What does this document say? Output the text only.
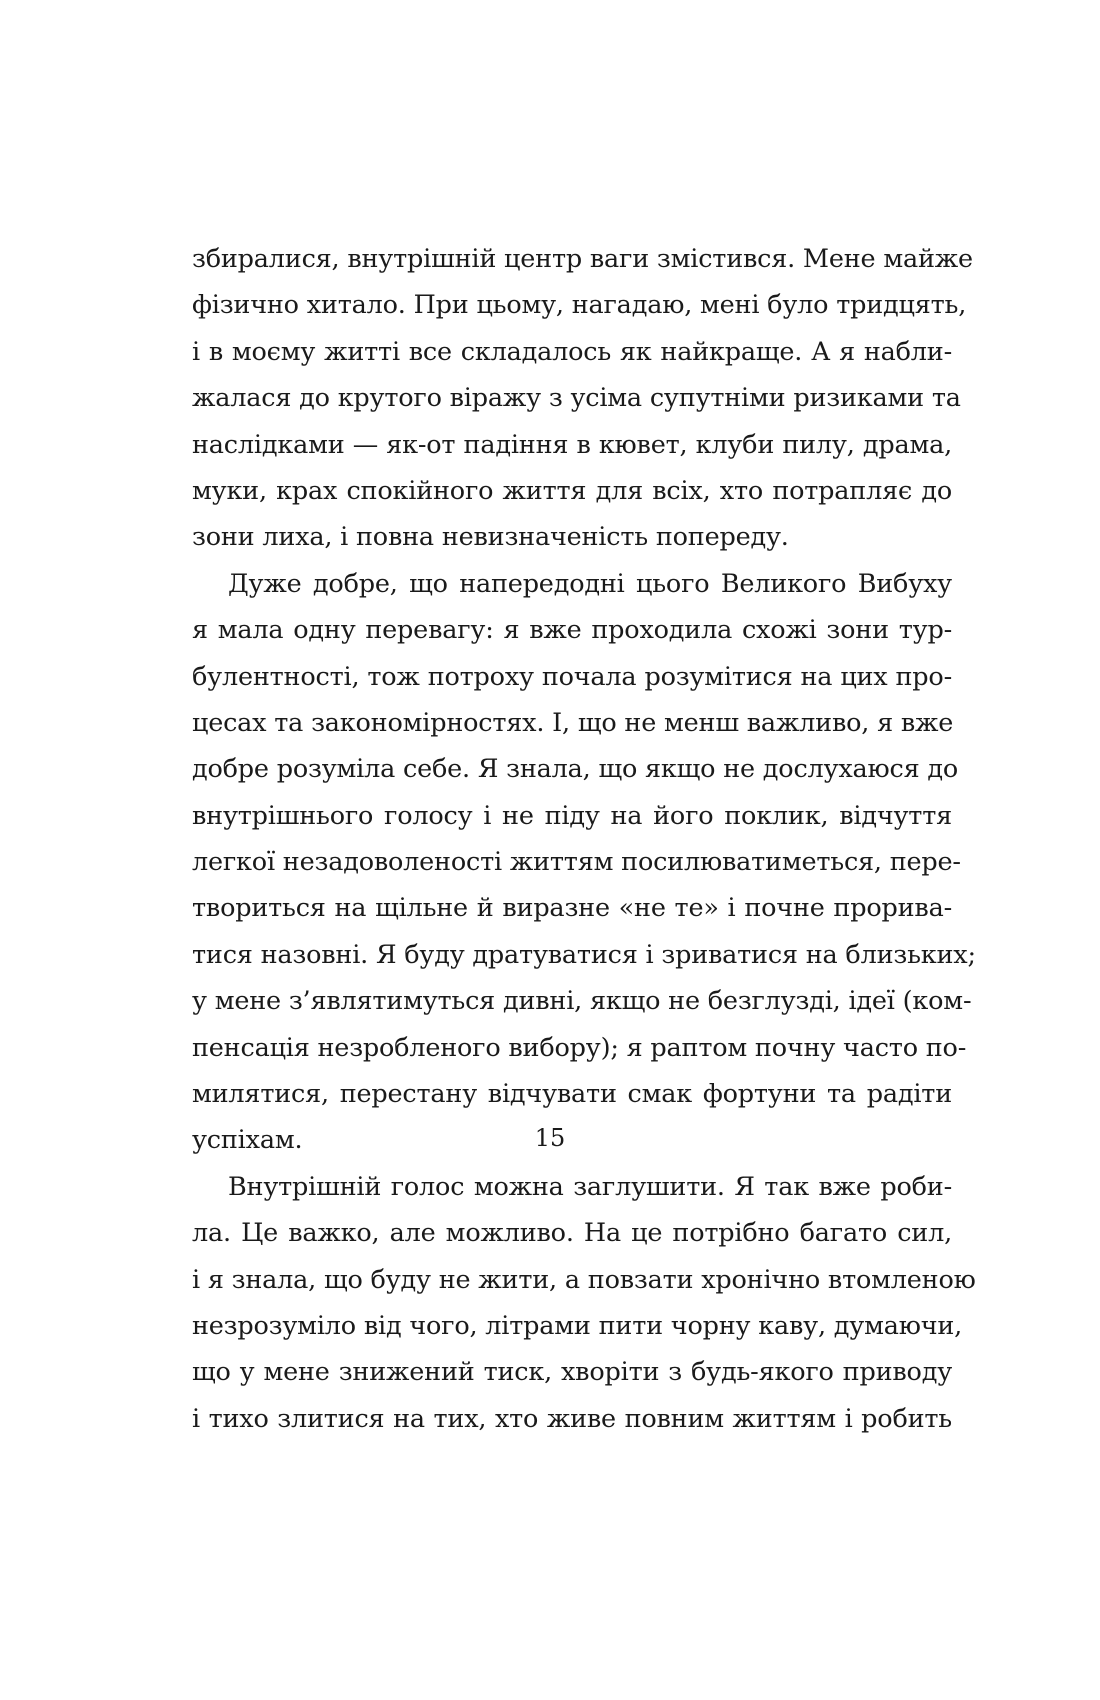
збиралися, внутрішній центр ваги змістився. Мене майже
фізично хитало. При цьому, нагадаю, мені було тридцять,
і в моєму житті все складалось як найкраще. А я набли-
жалася до крутого віражу з усіма супутніми ризиками та
наслідками — як-от падіння в кювет, клуби пилу, драма,
муки, крах спокійного життя для всіх, хто потрапляє до
зони лиха, і повна невизначеність попереду.
Дуже добре, що напередодні цього Великого Вибуху
я мала одну перевагу: я вже проходила схожі зони тур-
булентності, тож потроху почала розумітися на цих про-
цесах та закономірностях. І, що не менш важливо, я вже
добре розуміла себе. Я знала, що якщо не дослухаюся до
внутрішнього голосу і не піду на його поклик, відчуття
легкої незадоволеності життям посилюватиметься, пере-
твориться на щільне й виразне «не те» і почне прорива-
тися назовні. Я буду дратуватися і зриватися на близьких;
у мене з’являтимуться дивні, якщо не безглузді, ідеї (ком-
пенсація незробленого вибору); я раптом почну часто по-
милятися, перестану відчувати смак фортуни та радіти
успіхам.
Внутрішній голос можна заглушити. Я так вже роби-
ла. Це важко, але можливо. На це потрібно багато сил,
і я знала, що буду не жити, а повзати хронічно втомленою
незрозуміло від чого, літрами пити чорну каву, думаючи,
що у мене знижений тиск, хворіти з будь-якого приводу
і тихо злитися на тих, хто живе повним життям і робить
15
